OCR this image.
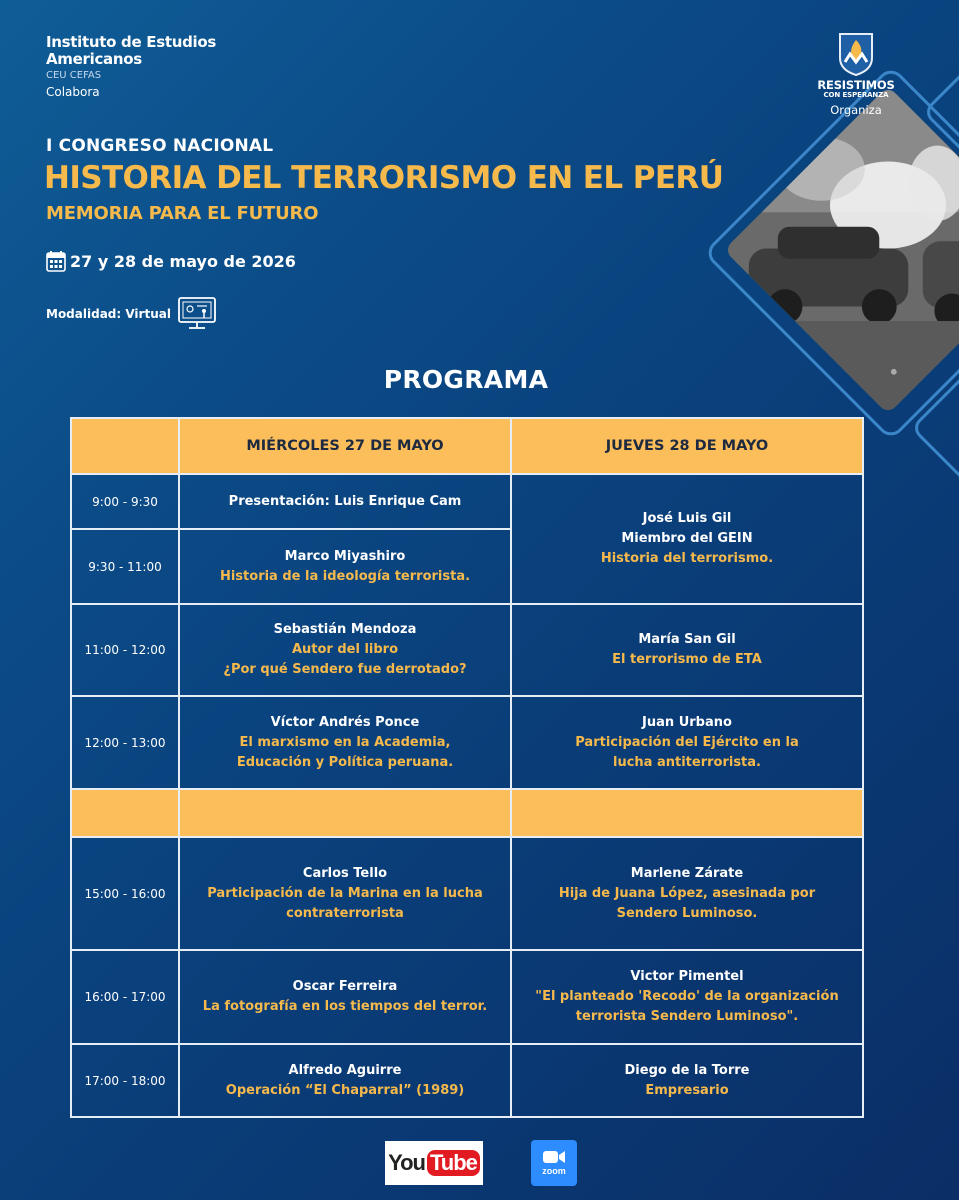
Instituto de Estudios Americanos
CEU CEFAS
Colabora	RESISTIMOS
CON ESPERANZA
Organiza
I CONGRESO NACIONAL
HISTORIA DEL TERRORISMO EN EL PERÚ
MEMORIA PARA EL FUTURO
27 y 28 de mayo de 2026
Modalidad: Virtual
PROGRAMA
	MIÉRCOLES 27 DE MAYO	JUEVES 28 DE MAYO
9:00 - 9:30	Presentación: Luis Enrique Cam	José Luis Gil
Miembro del GEIN
Historia del terrorismo.

9:30 - 11:00	Marco Miyashiro
Historia de la ideología terrorista.	

11:00 - 12:00	Sebastián Mendoza
Autor del libro
¿Por qué Sendero fue derrotado?	María San Gil
El terrorismo de ETA

12:00 - 13:00	Víctor Andrés Ponce
El marxismo en la Academia,
Educación y Política peruana.	Juan Urbano
Participación del Ejército en la
lucha antiterrorista.

15:00 - 16:00	Carlos Tello
Participación de la Marina en la lucha
contraterrorista	Marlene Zárate
Hija de Juana López, asesinada por
Sendero Luminoso.

16:00 - 17:00	Oscar Ferreira
La fotografía en los tiempos del terror.	Victor Pimentel
"El planteado 'Recodo' de la organización
terrorista Sendero Luminoso".

17:00 - 18:00	Alfredo Aguirre
Operación “El Chaparral” (1989)	Diego de la Torre
Empresario
You Tube	zoom
